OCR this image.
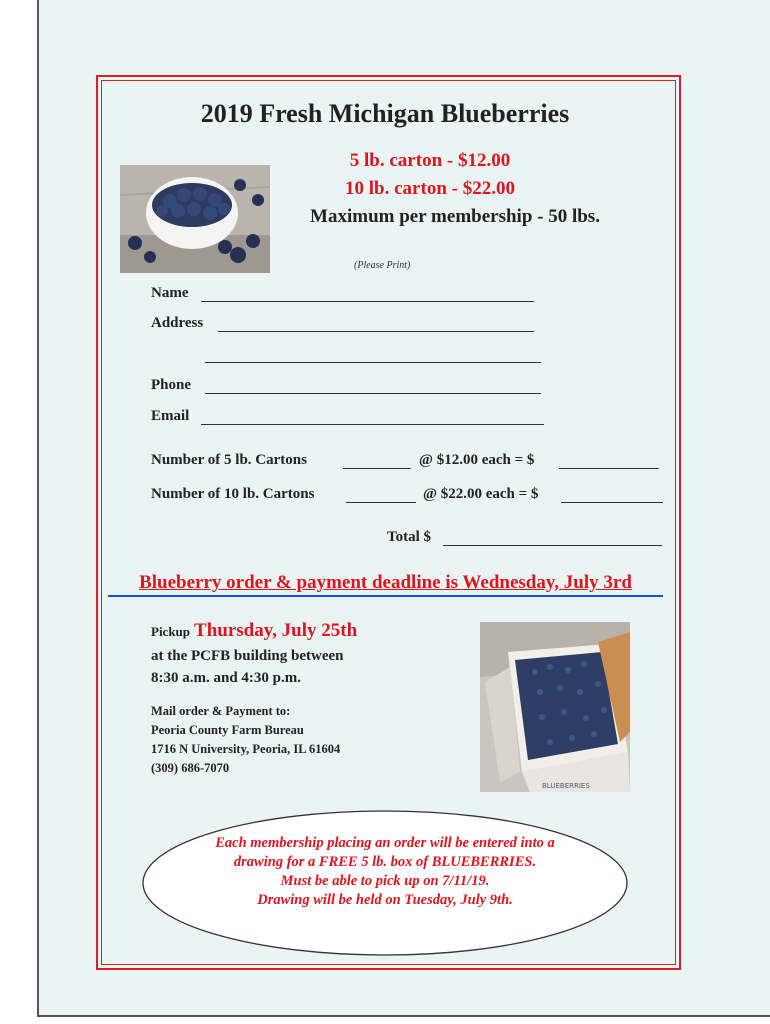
2019 Fresh Michigan Blueberries
5 lb. carton - $12.00
10 lb. carton - $22.00
Maximum per membership - 50 lbs.
(Please Print)
Name
Address
Phone
Email
Number of 5 lb. Cartons	@ $12.00 each = $
Number of 10 lb. Cartons	@ $22.00 each = $
Total $
Blueberry order & payment deadline is Wednesday, July 3rd
Pickup Thursday, July 25th
at the PCFB building between
8:30 a.m. and 4:30 p.m.
Mail order & Payment to:
Peoria County Farm Bureau
1716 N University, Peoria, IL 61604
(309) 686-7070
BLUEBERRIES
Each membership placing an order will be entered into a
drawing for a FREE 5 lb. box of BLUEBERRIES.
Must be able to pick up on 7/11/19.
Drawing will be held on Tuesday, July 9th.
